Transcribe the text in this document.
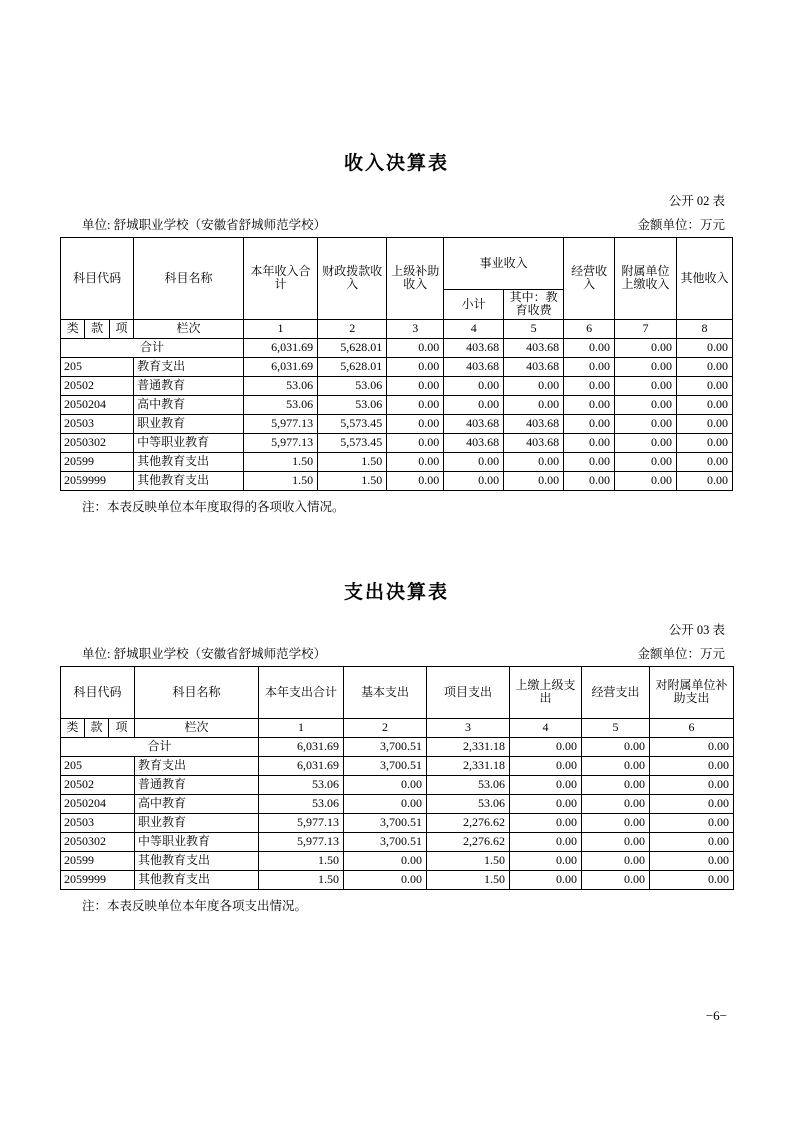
收入决算表
公开 02 表
单位: 舒城职业学校（安徽省舒城师范学校）	金额单位：万元
科目代码			科目名称	本年收入合计	财政拨款收入	上级补助收入	事业收入		经营收入	附属单位上缴收入	其他收入
							小计	其中：教育收费			
类	款	项	栏次	1	2	3	4	5	6	7	8
合计				6,031.69	5,628.01	0.00	403.68	403.68	0.00	0.00	0.00
205			教育支出	6,031.69	5,628.01	0.00	403.68	403.68	0.00	0.00	0.00
20502			普通教育	53.06	53.06	0.00	0.00	0.00	0.00	0.00	0.00
2050204			高中教育	53.06	53.06	0.00	0.00	0.00	0.00	0.00	0.00
20503			职业教育	5,977.13	5,573.45	0.00	403.68	403.68	0.00	0.00	0.00
2050302			中等职业教育	5,977.13	5,573.45	0.00	403.68	403.68	0.00	0.00	0.00
20599			其他教育支出	1.50	1.50	0.00	0.00	0.00	0.00	0.00	0.00
2059999			其他教育支出	1.50	1.50	0.00	0.00	0.00	0.00	0.00	0.00
注：本表反映单位本年度取得的各项收入情况。
支出决算表
公开 03 表
单位: 舒城职业学校（安徽省舒城师范学校）	金额单位：万元
科目代码			科目名称	本年支出合计	基本支出	项目支出	上缴上级支出	经营支出	对附属单位补助支出
类	款	项	栏次	1	2	3	4	5	6
合计				6,031.69	3,700.51	2,331.18	0.00	0.00	0.00
205			教育支出	6,031.69	3,700.51	2,331.18	0.00	0.00	0.00
20502			普通教育	53.06	0.00	53.06	0.00	0.00	0.00
2050204			高中教育	53.06	0.00	53.06	0.00	0.00	0.00
20503			职业教育	5,977.13	3,700.51	2,276.62	0.00	0.00	0.00
2050302			中等职业教育	5,977.13	3,700.51	2,276.62	0.00	0.00	0.00
20599			其他教育支出	1.50	0.00	1.50	0.00	0.00	0.00
2059999			其他教育支出	1.50	0.00	1.50	0.00	0.00	0.00
注：本表反映单位本年度各项支出情况。
−6−
